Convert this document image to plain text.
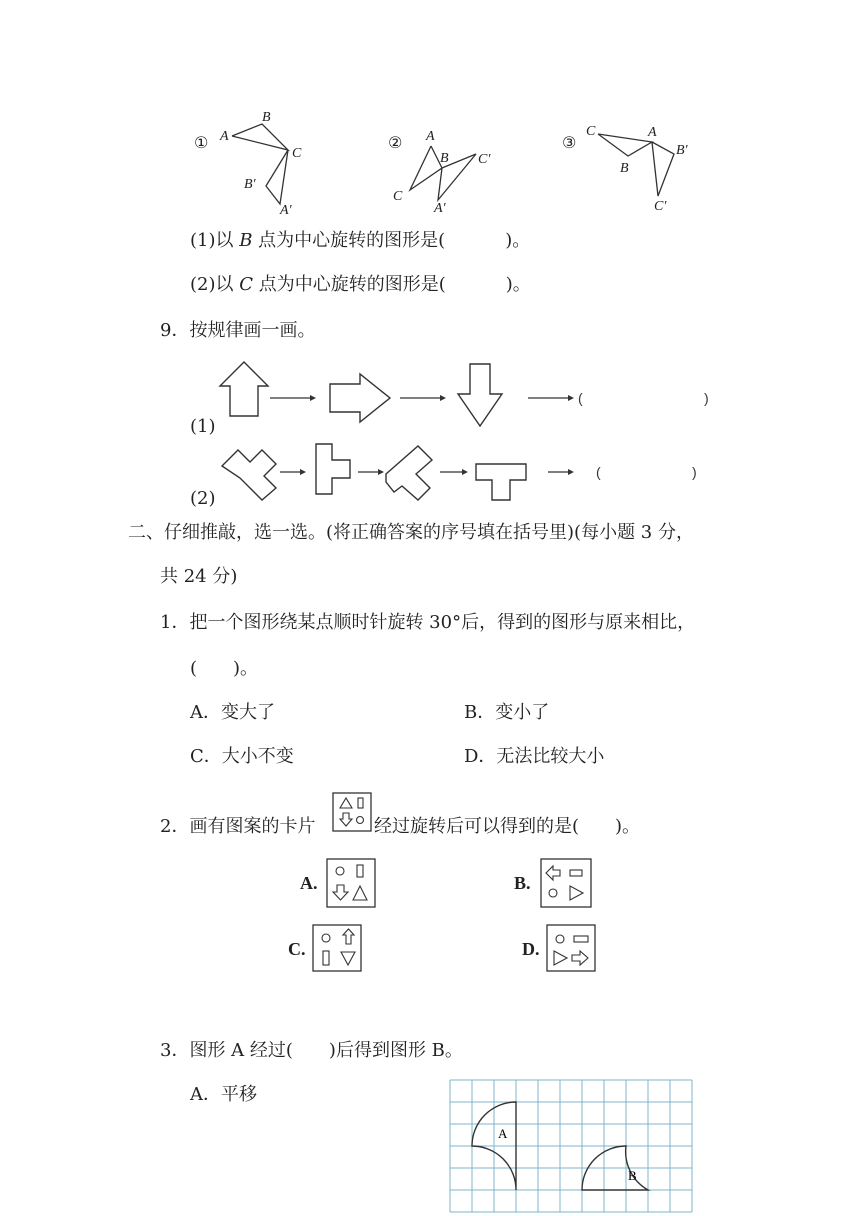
① A
B
C
B′
A′
② A
B C′
C
A′
③
C	A
B′
B
C′
(1)以 B 点为中心旋转的图形是(	)。
(2)以 C 点为中心旋转的图形是(	)。
9．按规律画一画。
(	)
(1)
(	)
(2)
二、仔细推敲，选一选。(将正确答案的序号填在括号里)(每小题 3 分，
共 24 分)
1．把一个图形绕某点顺时针旋转 30°后，得到的图形与原来相比，
(　　)。
A．变大了	B．变小了
C．大小不变	D．无法比较大小
2．画有图案的卡片	经过旋转后可以得到的是(　　)。
A.	B.
C.	D.
3．图形 A 经过(　　)后得到图形 B。
A．平移
A
B
